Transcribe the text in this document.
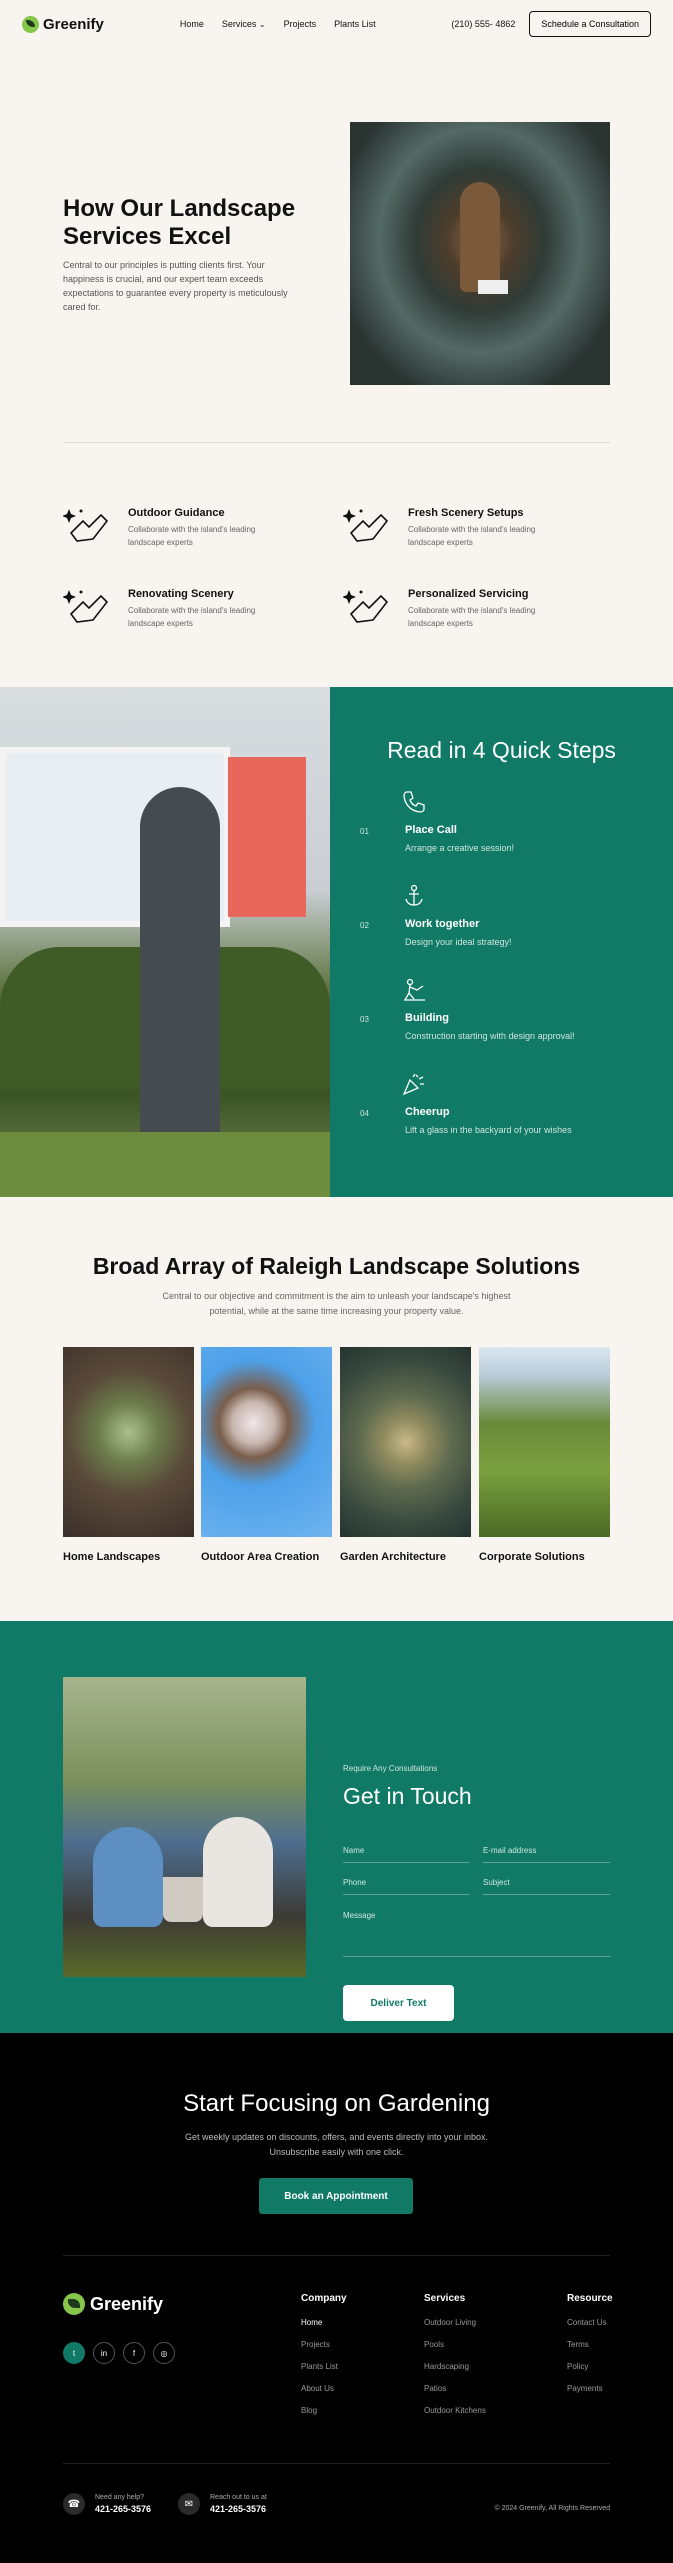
Greenify	Home Services ⌄ Projects Plants List	(210) 555- 4862	Schedule a Consultation
How Our Landscape Services Excel

Central to our principles is putting clients first. Your happiness is crucial, and our expert team exceeds expectations to guarantee every property is meticulously cared for.

Outdoor Guidance

Collaborate with the island's leading landscape experts

Fresh Scenery Setups

Collaborate with the island's leading landscape experts

Renovating Scenery

Collaborate with the island's leading landscape experts

Personalized Servicing

Collaborate with the island's leading landscape experts

Read in 4 Quick Steps
01	Place Call

Arrange a creative session!

02	Work together

Design your ideal strategy!

03	Building

Construction starting with design approval!

04	Cheerup

Lift a glass in the backyard of your wishes

Broad Array of Raleigh Landscape Solutions

Central to our objective and commitment is the aim to unleash your landscape's highest potential, while at the same time increasing your property value.

Home Landscapes	Outdoor Area Creation	Garden Architecture	Corporate Solutions
Require Any Consultations
Get in Touch
Name	E-mail address
Deliver Text
Phone	Subject
Message
Start Focusing on Gardening

Get weekly updates on discounts, offers, and events directly into your inbox. Unsubscribe easily with one click.

Book an Appointment
Greenify
t	in	f	◎
Company
Home
Projects
Plants List
About Us
Blog
Services
Outdoor Living
Pools
Hardscaping
Patios
Outdoor Kitchens
Resource
Contact Us
Terms
Policy
Payments
☎
Need any help?
421-265-3576	✉
Reach out to us at
421-265-3576	© 2024 Greenify, All Rights Reserved
